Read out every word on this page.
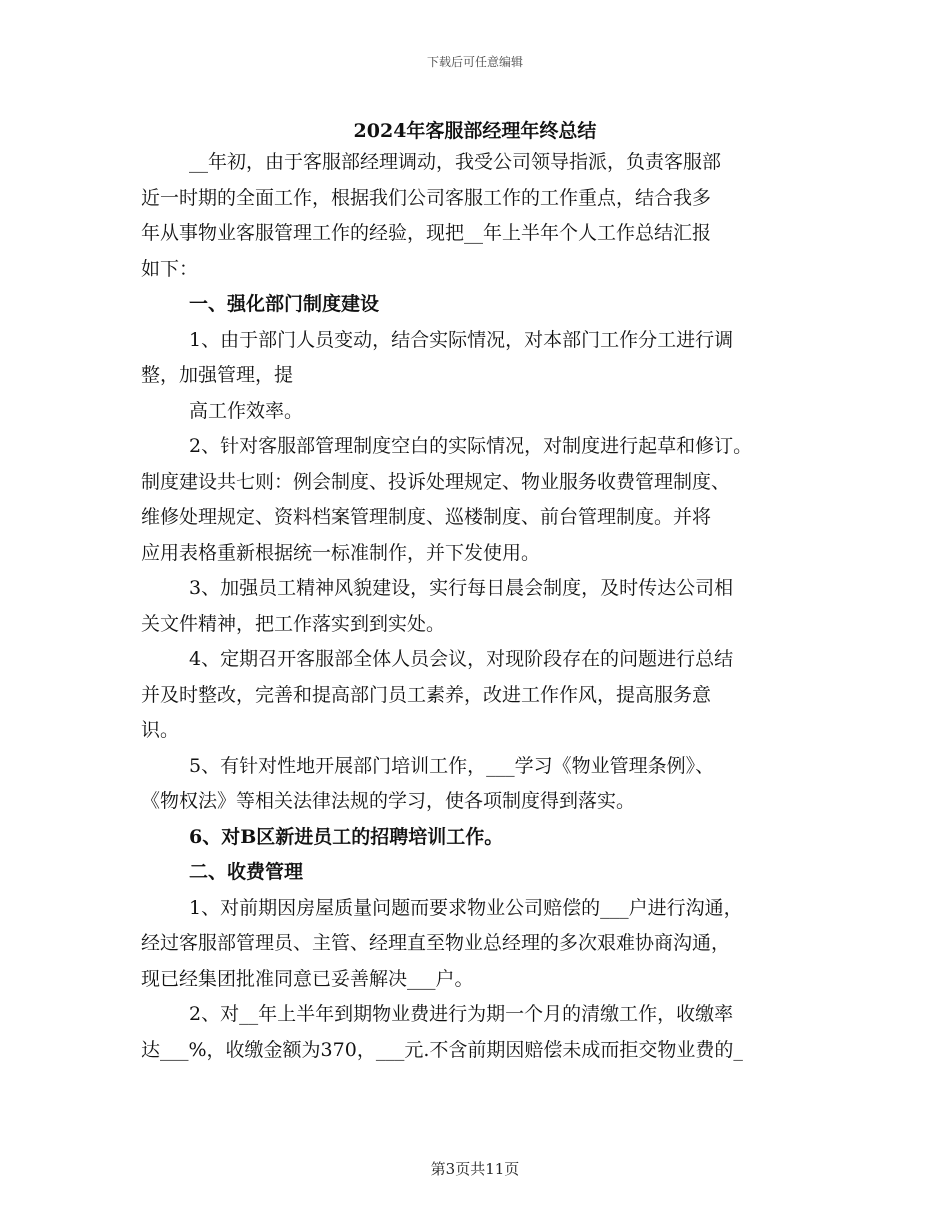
下载后可任意编辑
2024年客服部经理年终总结
__年初，由于客服部经理调动，我受公司领导指派，负责客服部
近一时期的全面工作，根据我们公司客服工作的工作重点，结合我多
年从事物业客服管理工作的经验，现把__年上半年个人工作总结汇报
如下：
一、强化部门制度建设
1、由于部门人员变动，结合实际情况，对本部门工作分工进行调
整，加强管理，提
高工作效率。
2、针对客服部管理制度空白的实际情况，对制度进行起草和修订。
制度建设共七则：例会制度、投诉处理规定、物业服务收费管理制度、
维修处理规定、资料档案管理制度、巡楼制度、前台管理制度。并将
应用表格重新根据统一标准制作，并下发使用。
3、加强员工精神风貌建设，实行每日晨会制度，及时传达公司相
关文件精神，把工作落实到到实处。
4、定期召开客服部全体人员会议，对现阶段存在的问题进行总结
并及时整改，完善和提高部门员工素养，改进工作作风，提高服务意
识。
5、有针对性地开展部门培训工作，___学习《物业管理条例》、
《物权法》等相关法律法规的学习，使各项制度得到落实。
6、对B区新进员工的招聘培训工作。
二、收费管理
1、对前期因房屋质量问题而要求物业公司赔偿的___户进行沟通，
经过客服部管理员、主管、经理直至物业总经理的多次艰难协商沟通，
现已经集团批准同意已妥善解决___户。
2、对__年上半年到期物业费进行为期一个月的清缴工作，收缴率
达___%，收缴金额为370，___元.不含前期因赔偿未成而拒交物业费的_
第3页共11页
